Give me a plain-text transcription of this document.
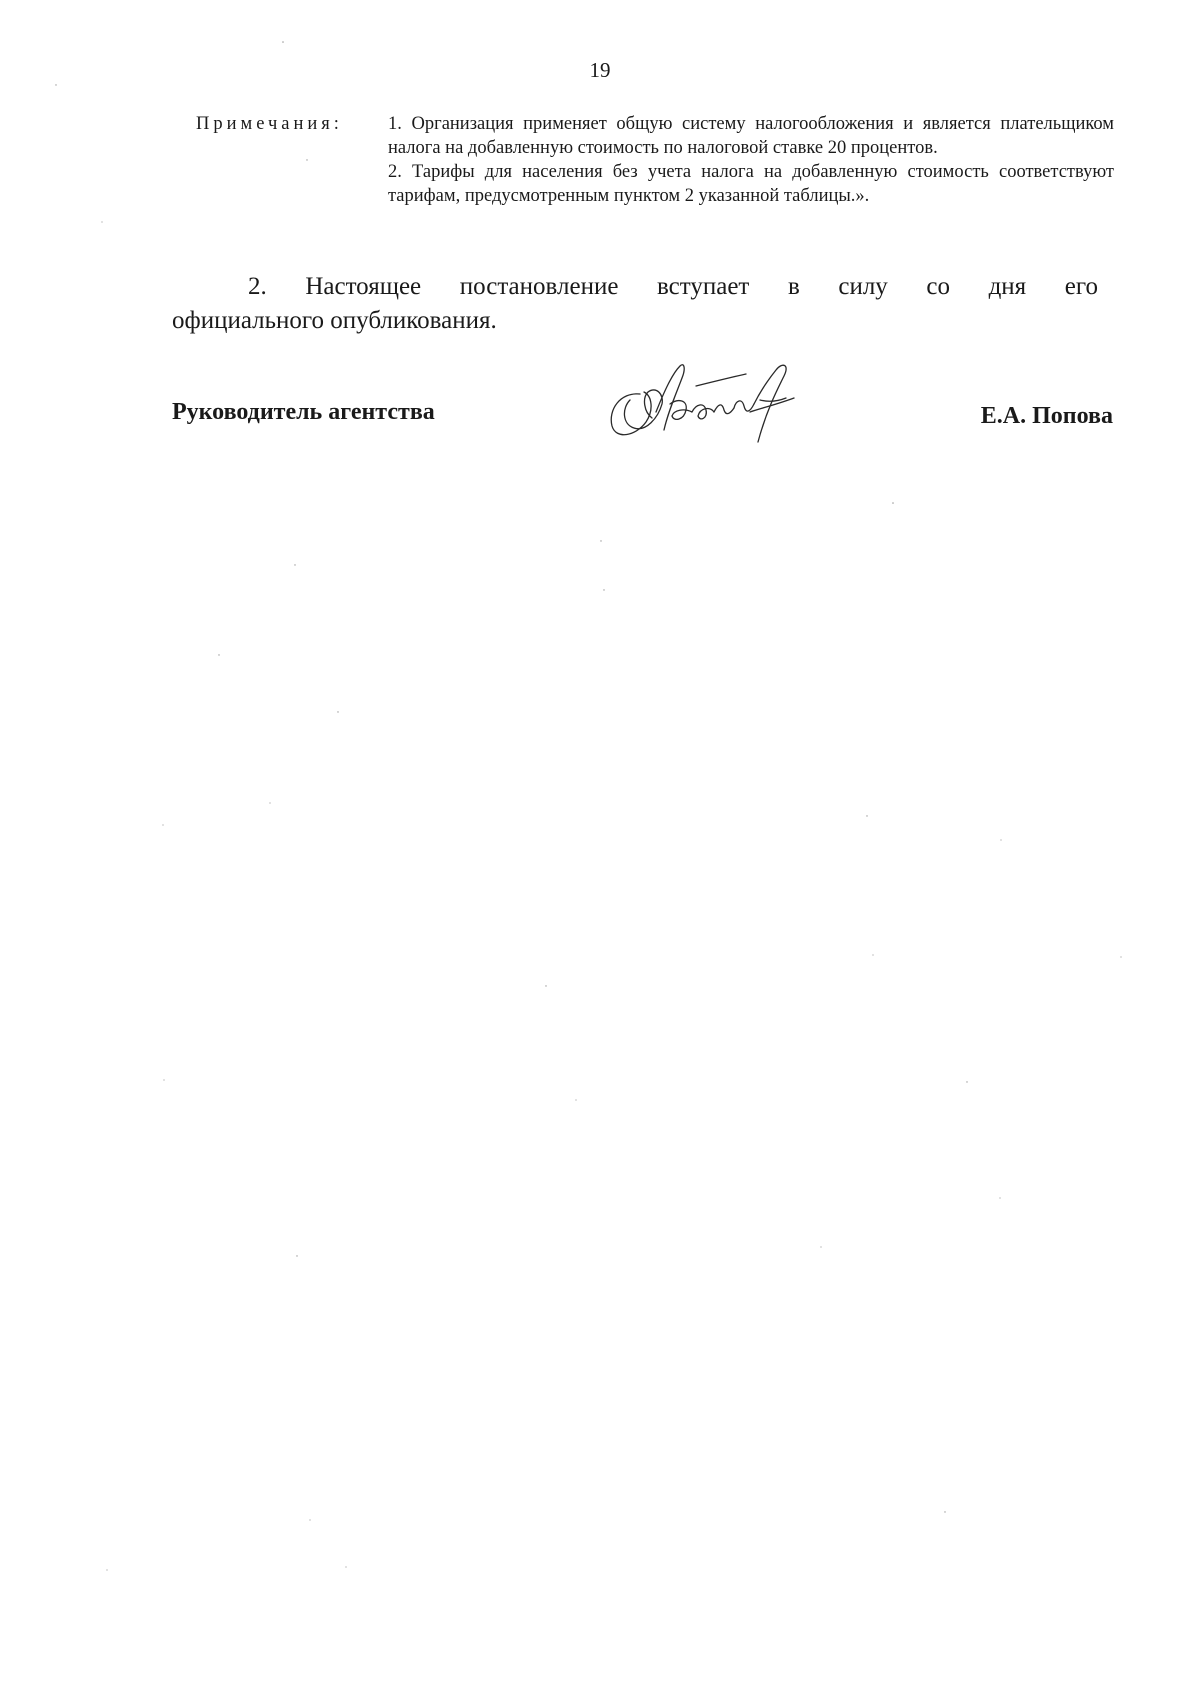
19
Примечания: 1. Организация применяет общую систему налогообложения и является плательщиком налога на добавленную стоимость по налоговой ставке 20 процентов.

2. Тарифы для населения без учета налога на добавленную стоимость соответствуют тарифам, предусмотренным пунктом 2 указанной таблицы.».

2. Настоящее постановление вступает в силу со дня его
официального опубликования.
Руководитель агентства	Е.А. Попова
